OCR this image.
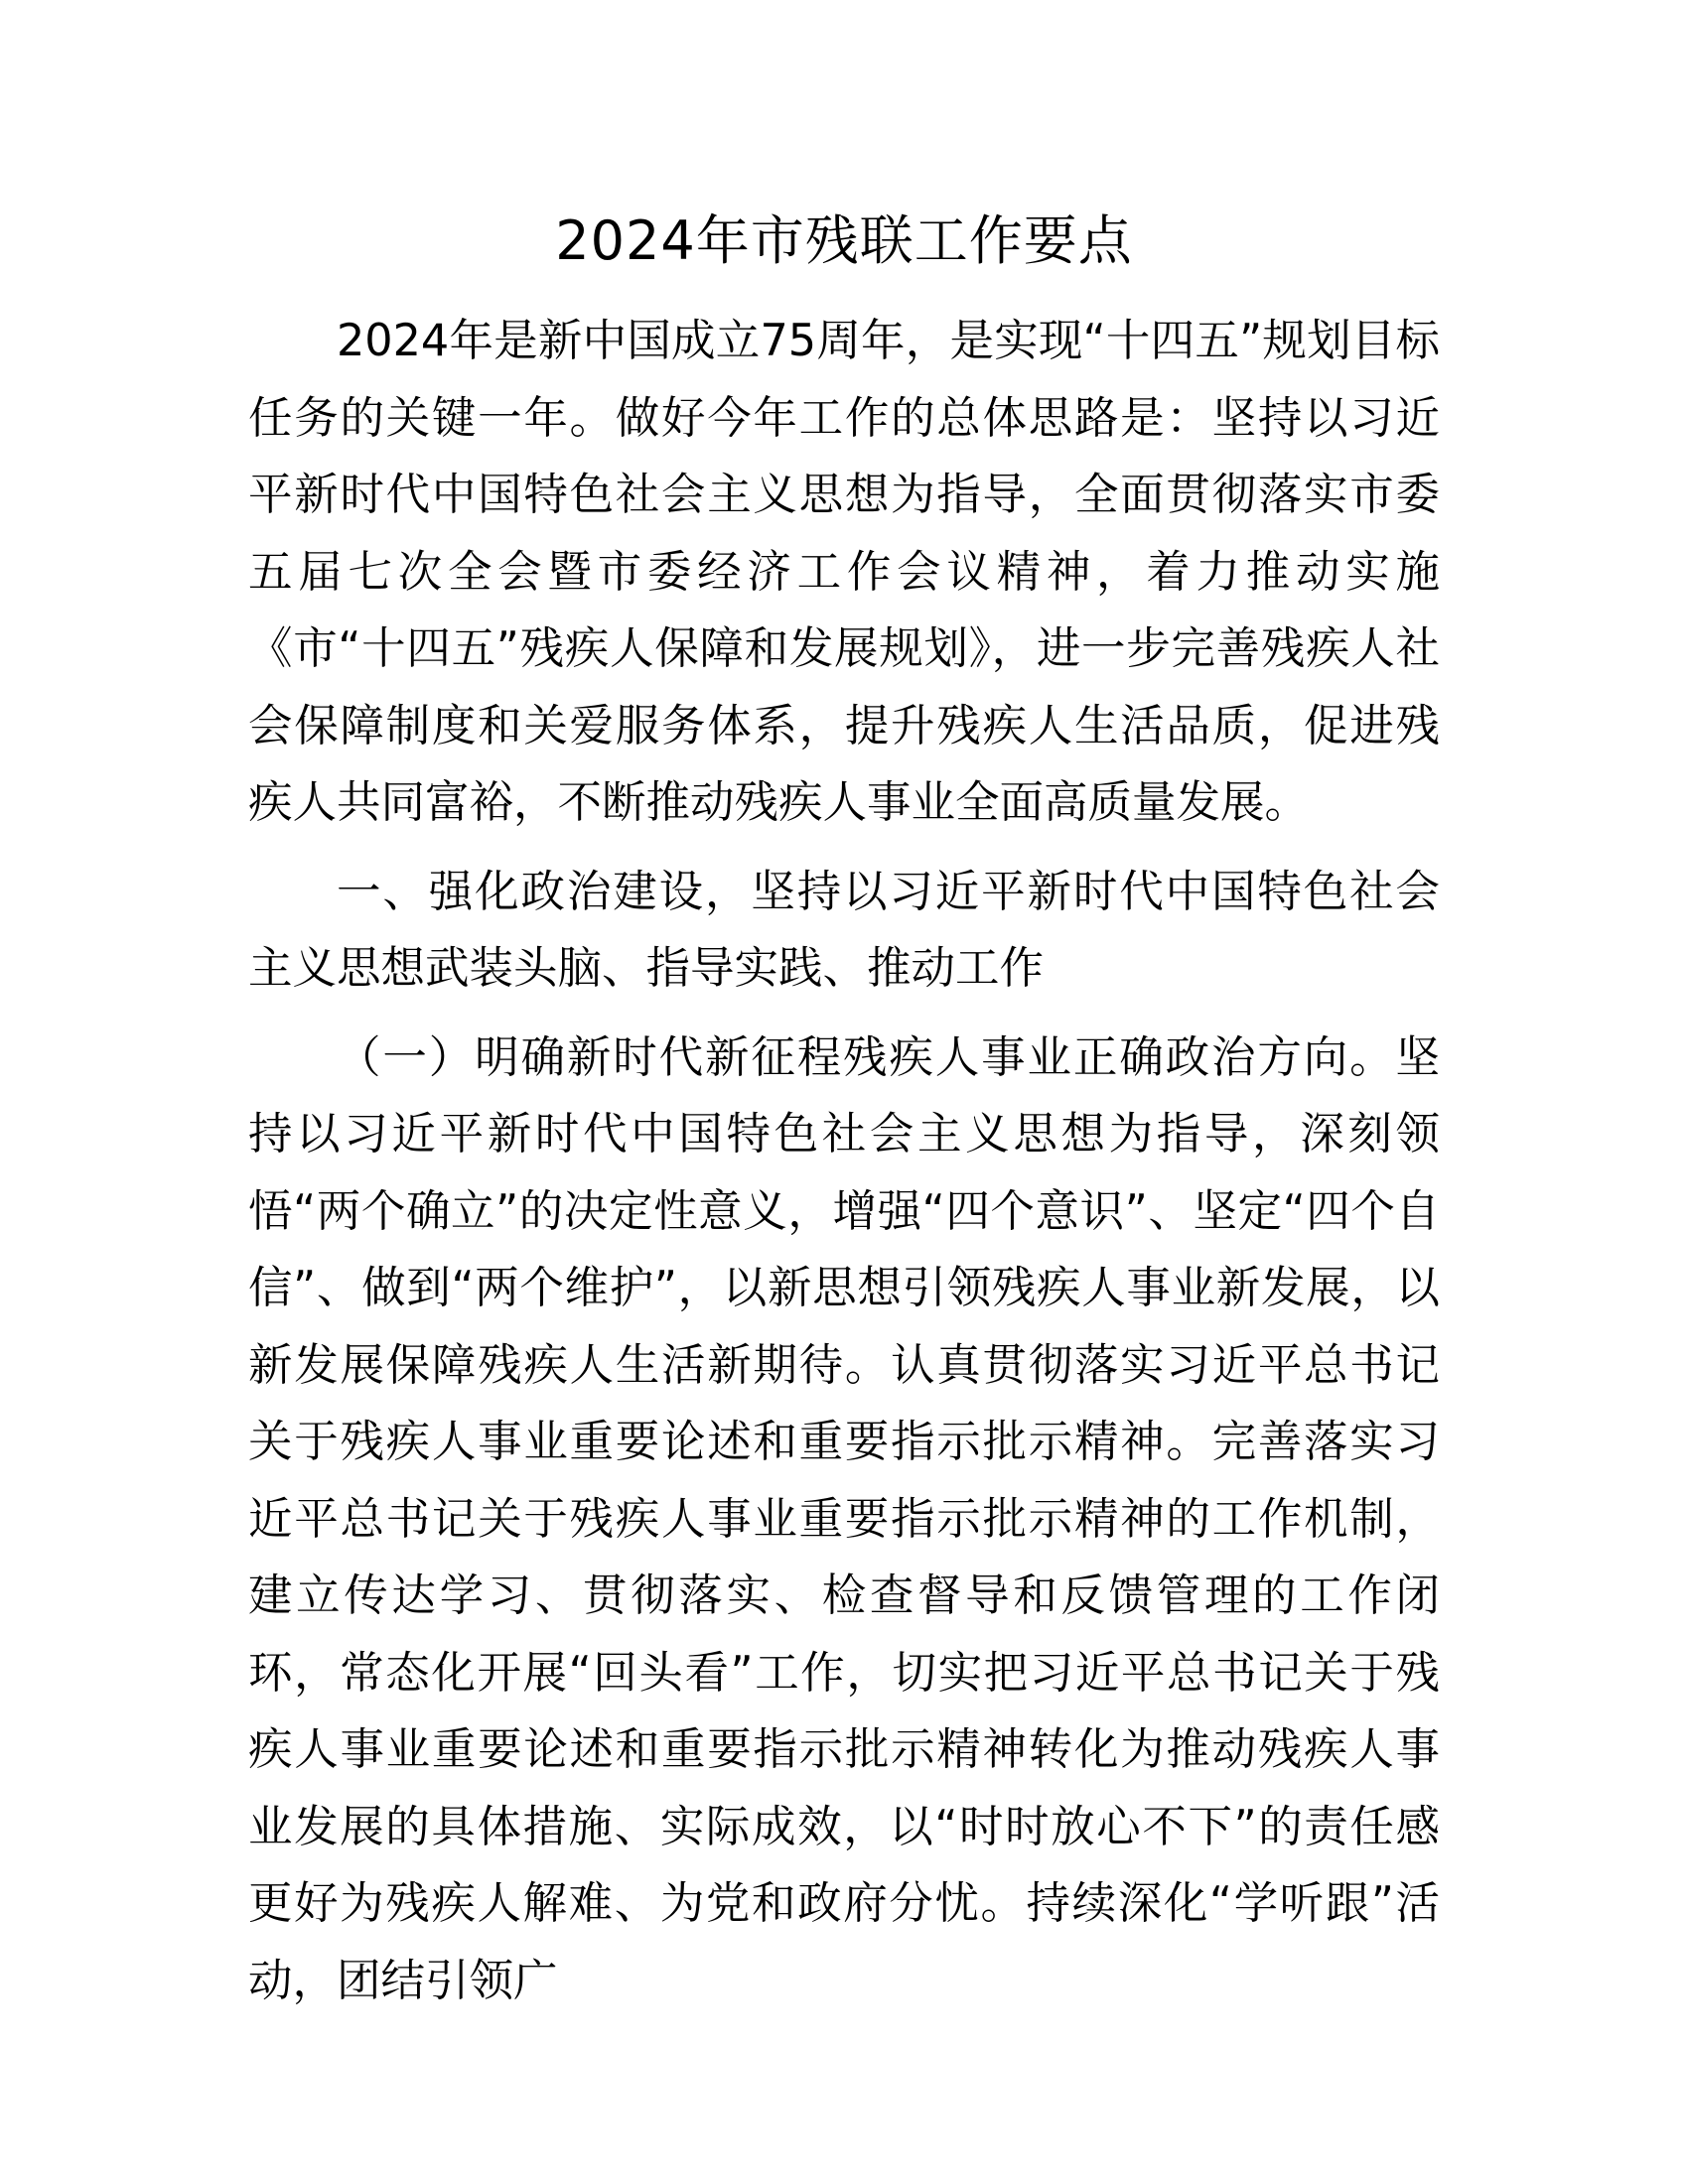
2024年市残联工作要点

2024年是新中国成立75周年，是实现“十四五”规划目标任务的关键一年。做好今年工作的总体思路是：坚持以习近平新时代中国特色社会主义思想为指导，全面贯彻落实市委五届七次全会暨市委经济工作会议精神，着力推动实施《市“十四五”残疾人保障和发展规划》，进一步完善残疾人社会保障制度和关爱服务体系，提升残疾人生活品质，促进残疾人共同富裕，不断推动残疾人事业全面高质量发展。

一、强化政治建设，坚持以习近平新时代中国特色社会主义思想武装头脑、指导实践、推动工作

（一）明确新时代新征程残疾人事业正确政治方向。坚持以习近平新时代中国特色社会主义思想为指导，深刻领悟“两个确立”的决定性意义，增强“四个意识”、坚定“四个自信”、做到“两个维护”，以新思想引领残疾人事业新发展，以新发展保障残疾人生活新期待。认真贯彻落实习近平总书记关于残疾人事业重要论述和重要指示批示精神。完善落实习近平总书记关于残疾人事业重要指示批示精神的工作机制，建立传达学习、贯彻落实、检查督导和反馈管理的工作闭环，常态化开展“回头看”工作，切实把习近平总书记关于残疾人事业重要论述和重要指示批示精神转化为推动残疾人事业发展的具体措施、实际成效，以“时时放心不下”的责任感更好为残疾人解难、为党和政府分忧。持续深化“学听跟”活动，团结引领广
